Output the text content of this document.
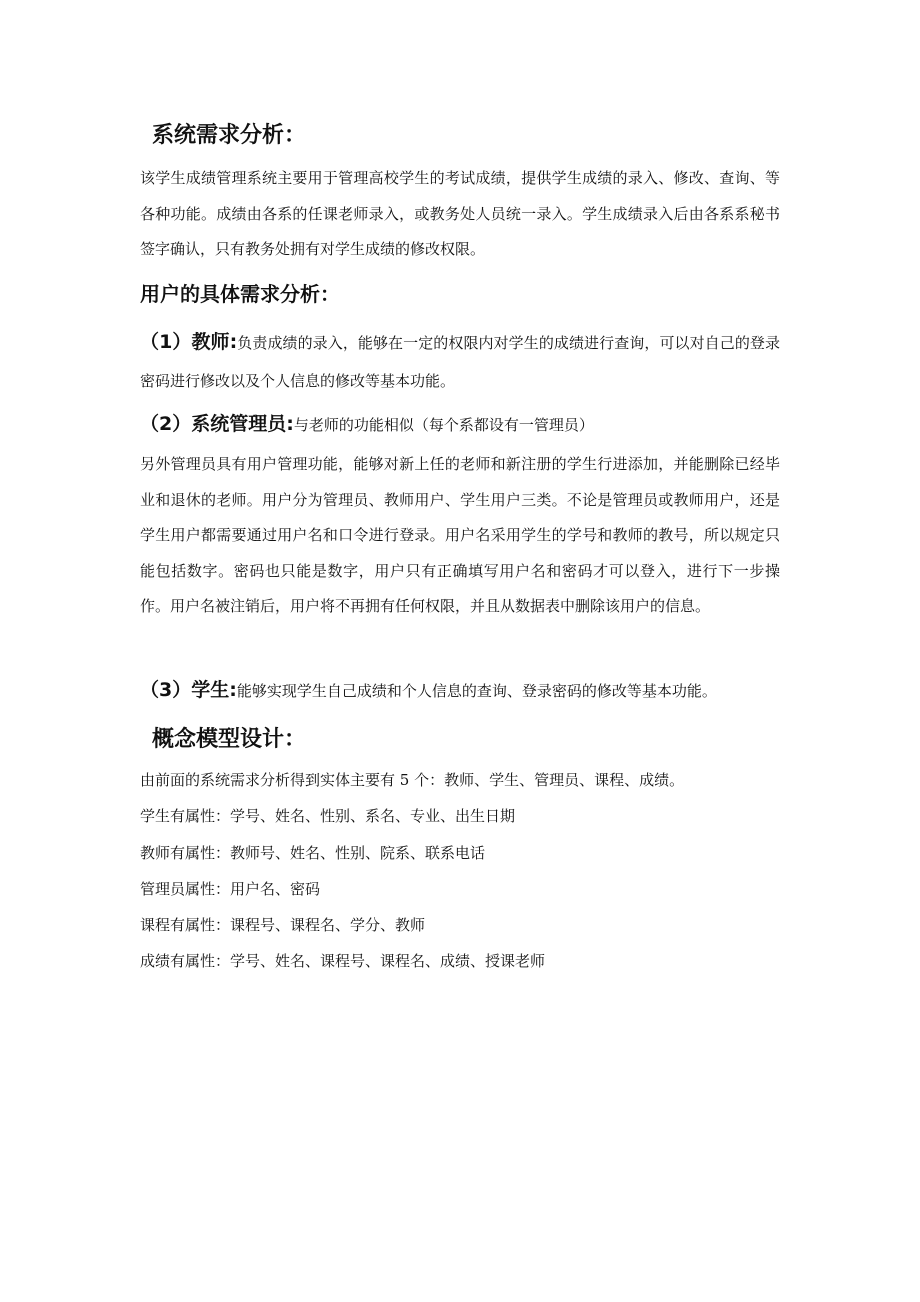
系统需求分析：

该学生成绩管理系统主要用于管理高校学生的考试成绩，提供学生成绩的录入、修改、查询、等各种功能。成绩由各系的任课老师录入，或教务处人员统一录入。学生成绩录入后由各系系秘书签字确认，只有教务处拥有对学生成绩的修改权限。

用户的具体需求分析：

（1）教师:负责成绩的录入，能够在一定的权限内对学生的成绩进行查询，可以对自己的登录密码进行修改以及个人信息的修改等基本功能。

（2）系统管理员:与老师的功能相似（每个系都设有一管理员）

另外管理员具有用户管理功能，能够对新上任的老师和新注册的学生行进添加，并能删除已经毕业和退休的老师。用户分为管理员、教师用户、学生用户三类。不论是管理员或教师用户，还是学生用户都需要通过用户名和口令进行登录。用户名采用学生的学号和教师的教号，所以规定只能包括数字。密码也只能是数字，用户只有正确填写用户名和密码才可以登入，进行下一步操作。用户名被注销后，用户将不再拥有任何权限，并且从数据表中删除该用户的信息。

（3）学生:能够实现学生自己成绩和个人信息的查询、登录密码的修改等基本功能。

概念模型设计：

由前面的系统需求分析得到实体主要有 5 个：教师、学生、管理员、课程、成绩。

学生有属性：学号、姓名、性别、系名、专业、出生日期

教师有属性：教师号、姓名、性别、院系、联系电话

管理员属性：用户名、密码

课程有属性：课程号、课程名、学分、教师

成绩有属性：学号、姓名、课程号、课程名、成绩、授课老师
